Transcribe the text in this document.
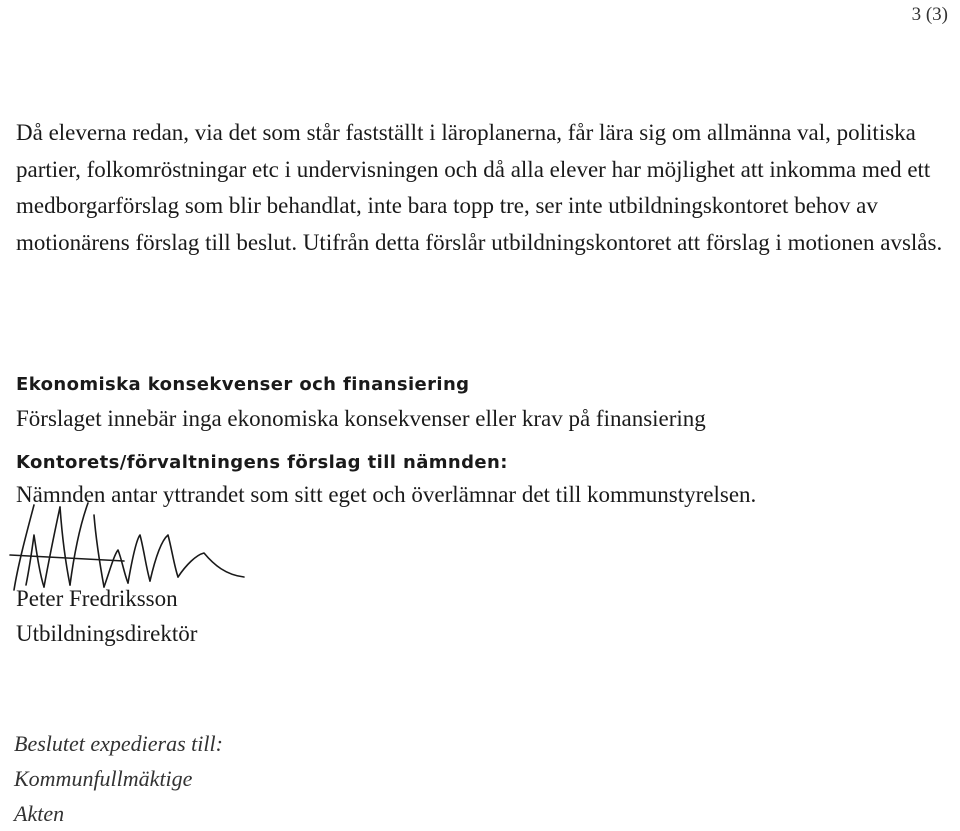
3 (3)

Då eleverna redan, via det som står fastställt i läroplanerna, får lära sig om allmänna val, politiska partier, folkomröstningar etc i undervisningen och då alla elever har möjlighet att inkomma med ett medborgarförslag som blir behandlat, inte bara topp tre, ser inte utbildningskontoret behov av motionärens förslag till beslut. Utifrån detta förslår utbildningskontoret att förslag i motionen avslås.

Ekonomiska konsekvenser och finansiering

Förslaget innebär inga ekonomiska konsekvenser eller krav på finansiering

Kontorets/förvaltningens förslag till nämnden:

Nämnden antar yttrandet som sitt eget och överlämnar det till kommunstyrelsen.

Peter Fredriksson

Utbildningsdirektör

Beslutet expedieras till:
Kommunfullmäktige
Akten
